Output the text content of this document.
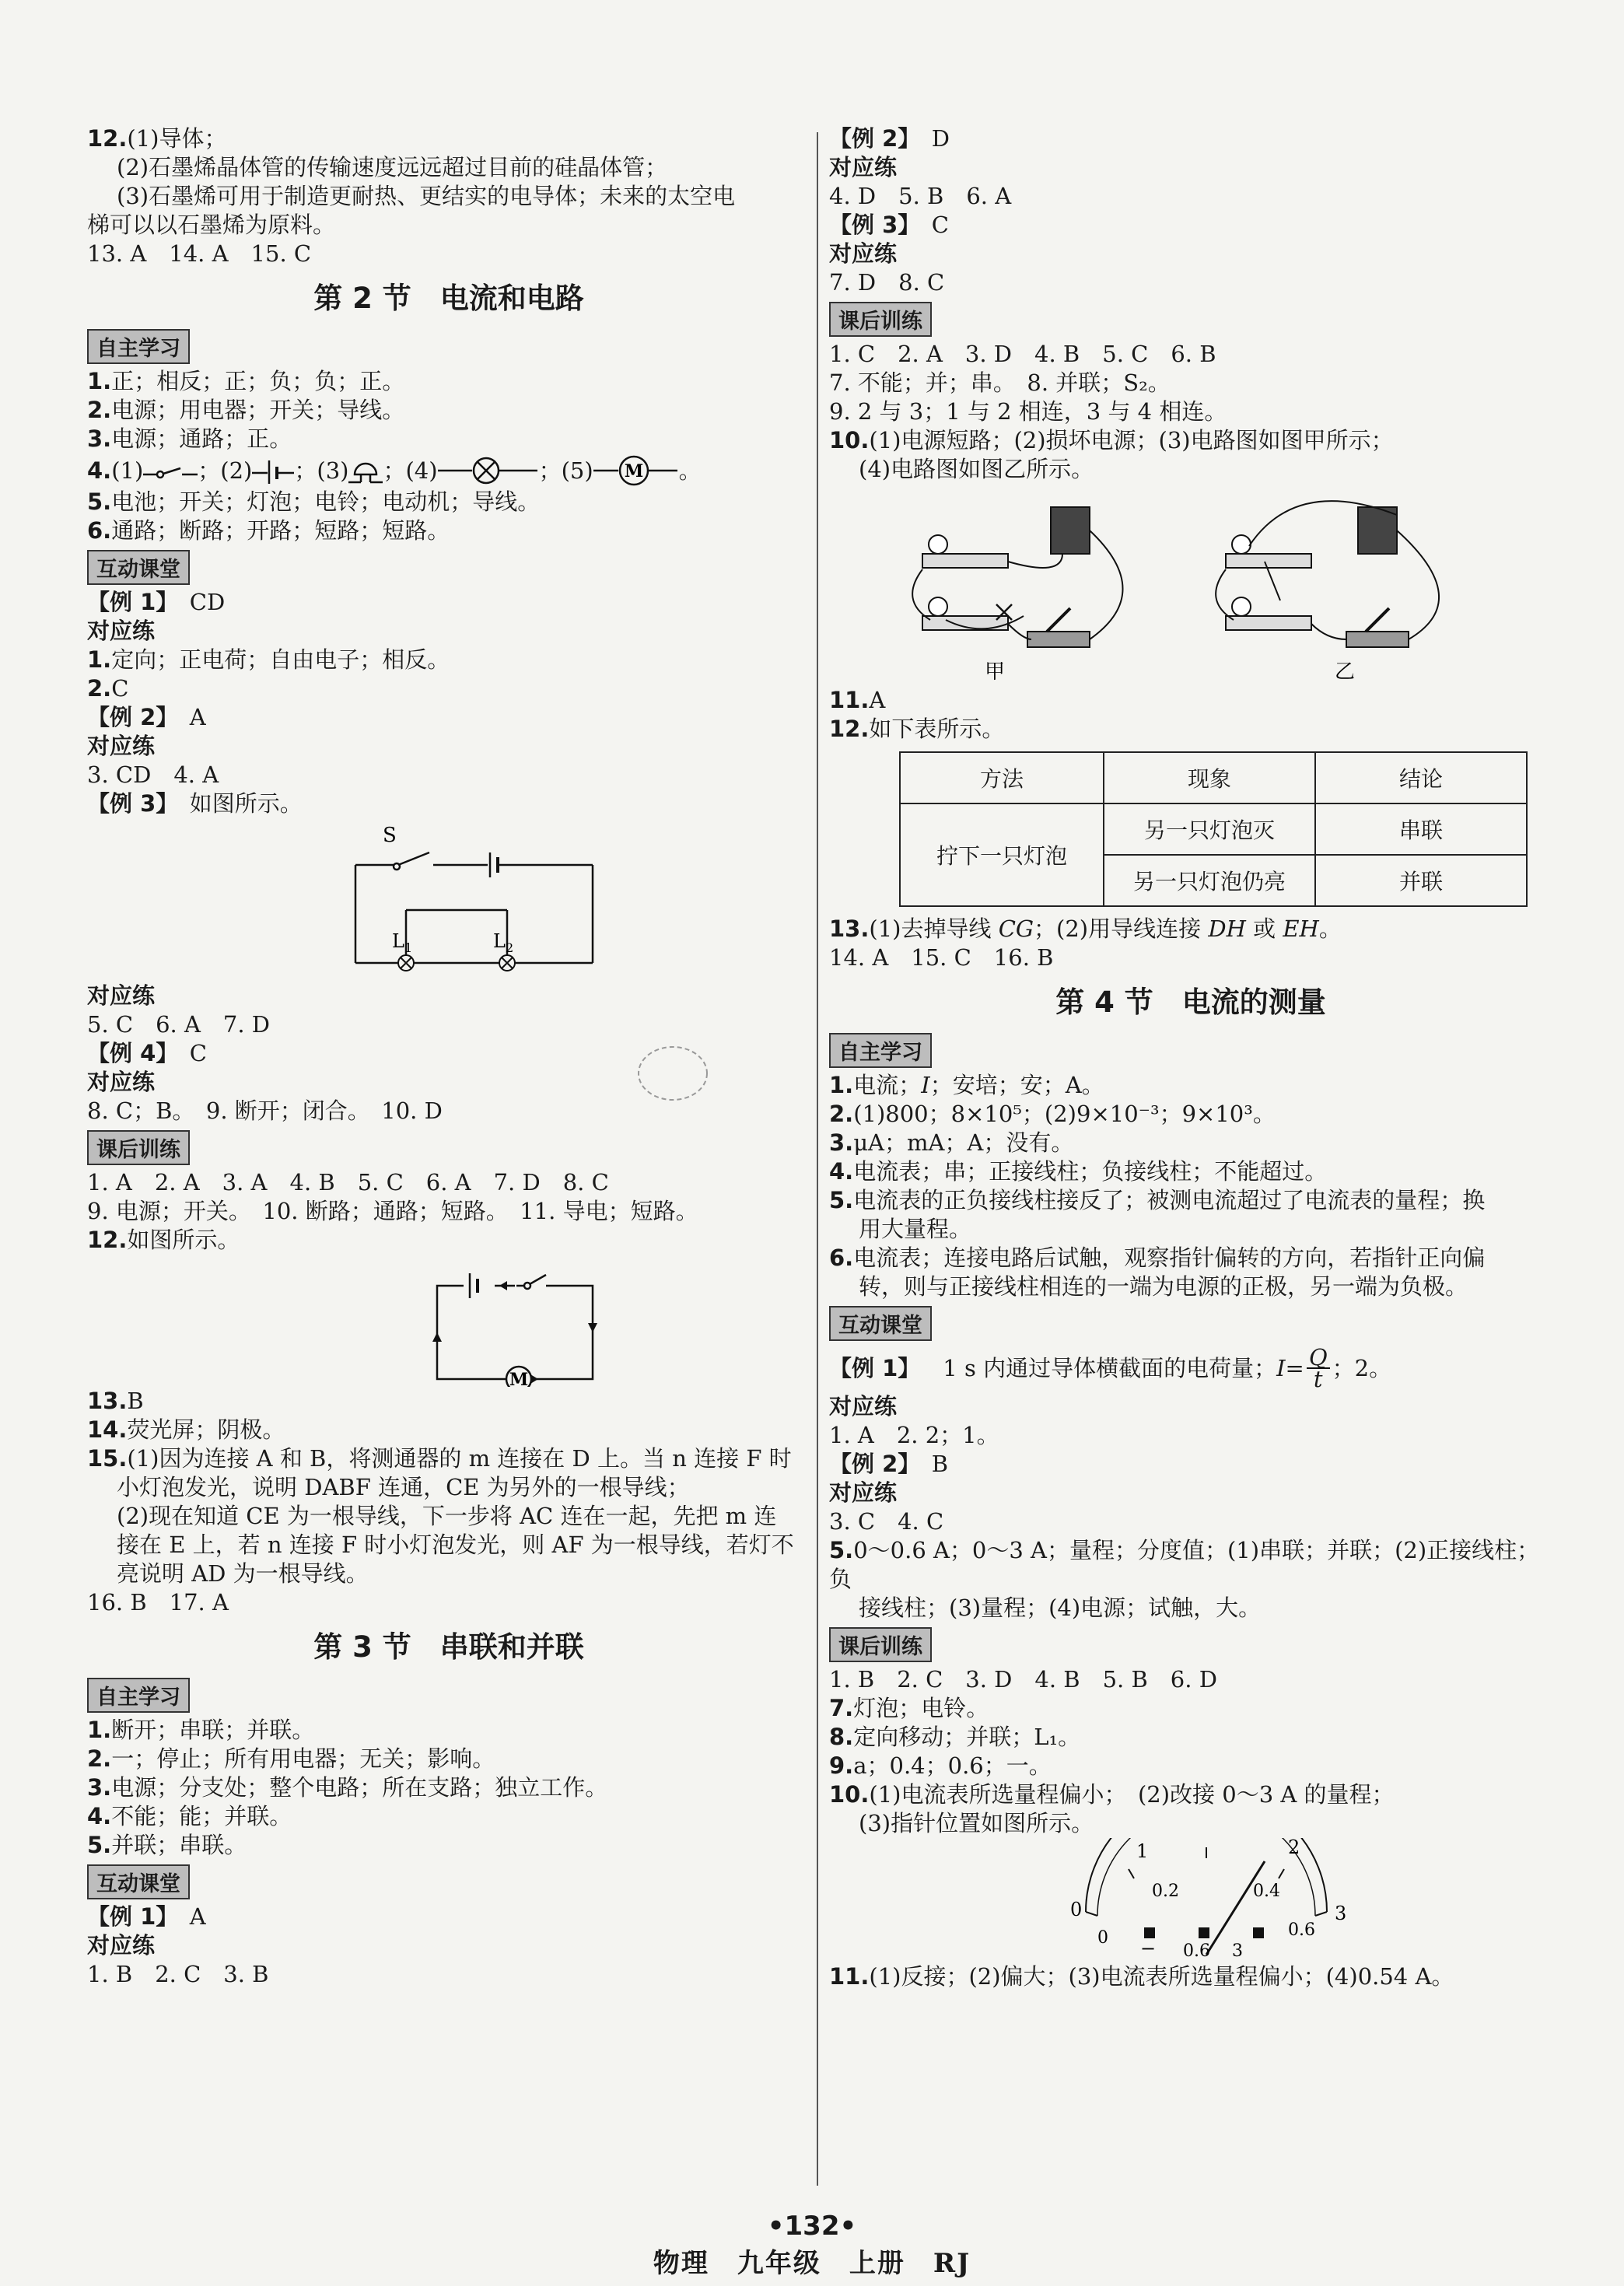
12.(1)导体；

(2)石墨烯晶体管的传输速度远远超过目前的硅晶体管；

(3)石墨烯可用于制造更耐热、更结实的电导体；未来的太空电

梯可以以石墨烯为原料。

13. A　14. A　15. C

第 2 节　电流和电路
自主学习

1.正；相反；正；负；负；正。

2.电源；用电器；开关；导线。

3.电源；通路；正。

4. (1) ；(2) ；(3) ；(4)	；(5) M 。

5.电池；开关；灯泡；电铃；电动机；导线。

6.通路；断路；开路；短路；短路。

互动课堂

【例 1】　 CD

对应练

1.定向；正电荷；自由电子；相反。

2.C

【例 2】　 A

对应练

3. CD　4. A

【例 3】　 如图所示。

S
L 1	L 2
对应练

5. C　6. A　7. D

【例 4】　 C

对应练

8. C；B。　9. 断开；闭合。　10. D

课后训练

1. A　2. A　3. A　4. B　5. C　6. A　7. D　8. C

9. 电源；开关。　10. 断路；通路；短路。　11. 导电；短路。

12.如图所示。

M

13.B

14.荧光屏；阴极。

15.(1)因为连接 A 和 B，将测通器的 m 连接在 D 上。当 n 连接 F 时

小灯泡发光，说明 DABF 连通，CE 为另外的一根导线；

(2)现在知道 CE 为一根导线，下一步将 AC 连在一起，先把 m 连

接在 E 上，若 n 连接 F 时小灯泡发光，则 AF 为一根导线，若灯不

亮说明 AD 为一根导线。

16. B　17. A

第 3 节　串联和并联
自主学习

1.断开；串联；并联。

2.一；停止；所有用电器；无关；影响。

3.电源；分支处；整个电路；所在支路；独立工作。

4.不能；能；并联。

5.并联；串联。

互动课堂

【例 1】　 A

对应练

1. B　2. C　3. B

【例 2】　 D

对应练

4. D　5. B　6. A

【例 3】　 C

对应练

7. D　8. C

课后训练

1. C　2. A　3. D　4. B　5. C　6. B

7. 不能；并；串。　8. 并联；S₂。

9. 2 与 3；1 与 2 相连，3 与 4 相连。

10.(1)电源短路；(2)损坏电源；(3)电路图如图甲所示；

(4)电路图如图乙所示。

甲	乙

11.A

12.如下表所示。

方法	现象	结论
拧下一只灯泡	另一只灯泡灭	串联
	另一只灯泡仍亮	并联

13.(1)去掉导线 CG；(2)用导线连接 DH 或 EH。

14. A　15. C　16. B

第 4 节　电流的测量
自主学习

1.电流；I；安培；安；A。

2.(1)800；8×10⁵；(2)9×10⁻³；9×10³。

3.μA；mA；A；没有。

4.电流表；串；正接线柱；负接线柱；不能超过。

5.电流表的正负接线柱接反了；被测电流超过了电流表的量程；换

用大量程。

6.电流表；连接电路后试触，观察指针偏转的方向，若指针正向偏

转，则与正接线柱相连的一端为电源的正极，另一端为负极。

互动课堂

【例 1】
　 1 s 内通过导体横截面的电荷量； $I = \frac{Q}{t}$ ；2。

对应练

1. A　2. 2；1。

【例 2】　 B

对应练

3. C　4. C

5.0～0.6 A；0～3 A；量程；分度值；(1)串联；并联；(2)正接线柱；负

接线柱；(3)量程；(4)电源；试触，大。

课后训练

1. B　2. C　3. D　4. B　5. B　6. D

7.灯泡；电铃。

8.定向移动；并联；L₁。

9.a；0.4；0.6；一。

10.(1)电流表所选量程偏小；　(2)改接 0～3 A 的量程；

(3)指针位置如图所示。

0
1	2
3
0
0.2	0.4
0.6
− 0.6 3

11.(1)反接；(2)偏大；(3)电流表所选量程偏小；(4)0.54 A。

•132•
物理　九年级　上册　RJ
